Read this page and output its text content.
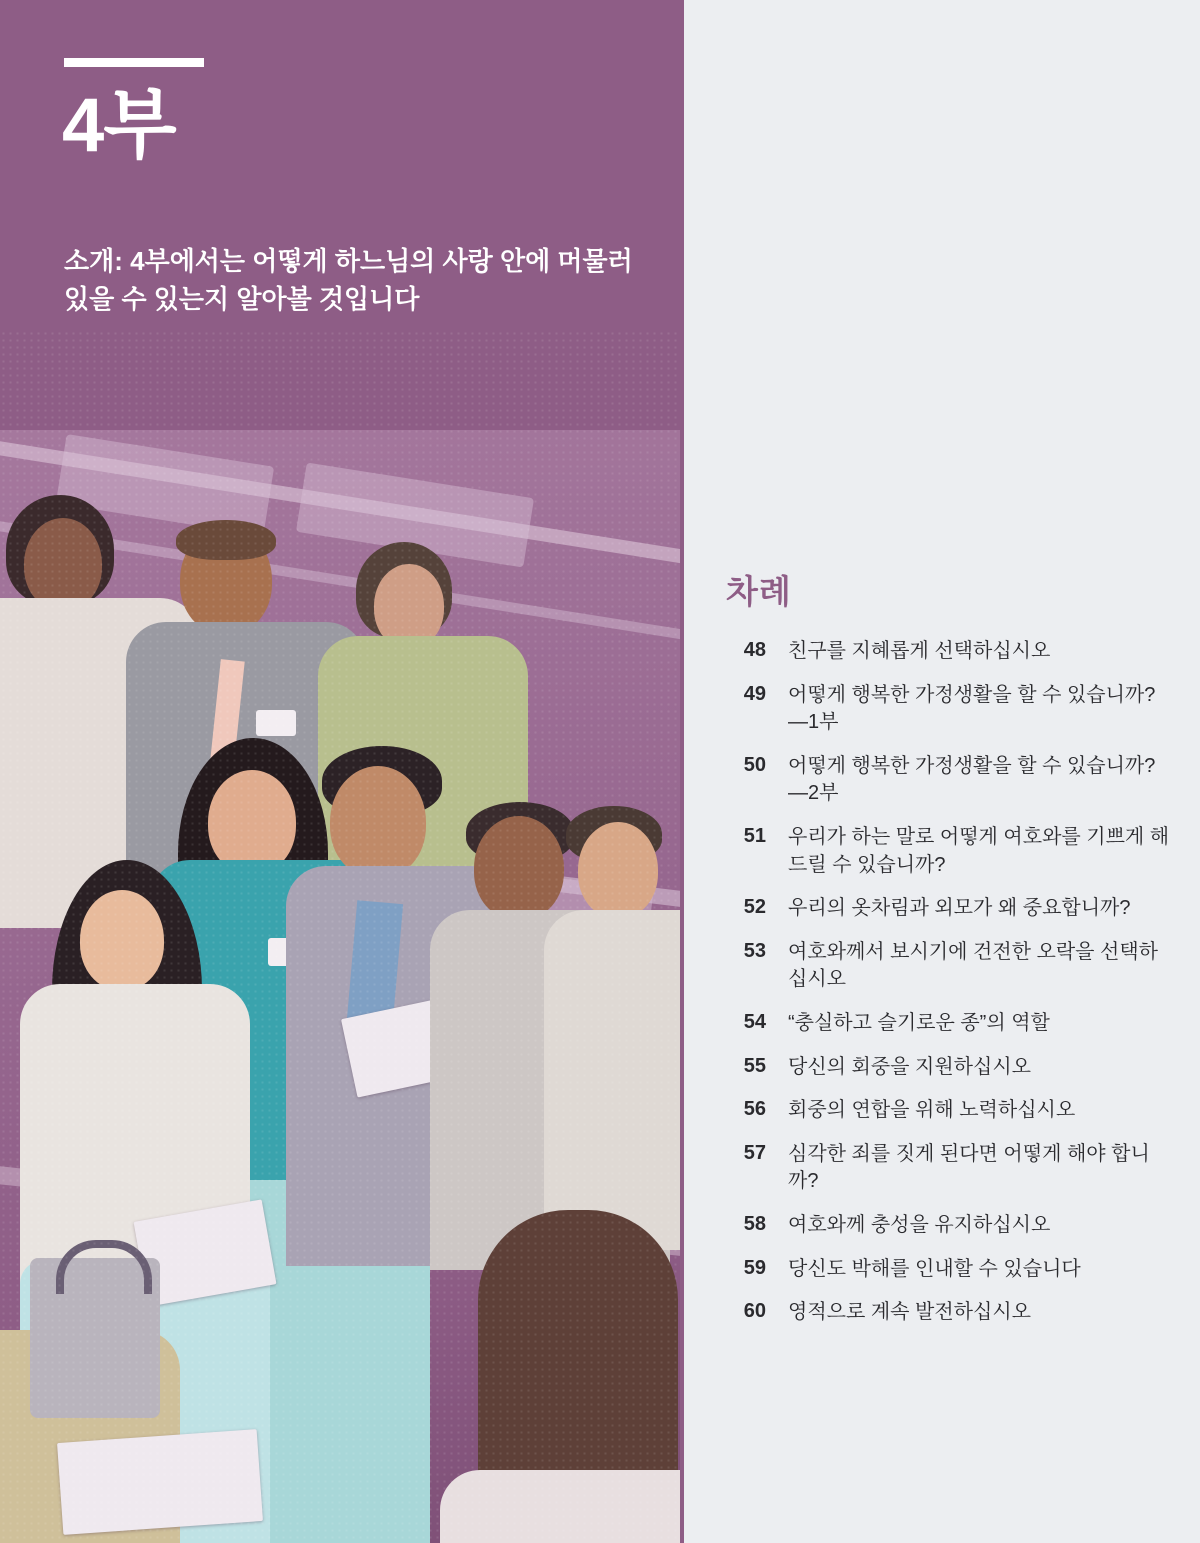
4부
소개: 4부에서는 어떻게 하느님의 사랑 안에 머물러 있을 수 있는지 알아볼 것입니다
차례
48 친구를 지혜롭게 선택하십시오
49 어떻게 행복한 가정생활을 할 수 있습니까?—1부
50 어떻게 행복한 가정생활을 할 수 있습니까?—2부
51 우리가 하는 말로 어떻게 여호와를 기쁘게 해 드릴 수 있습니까?
52 우리의 옷차림과 외모가 왜 중요합니까?
53 여호와께서 보시기에 건전한 오락을 선택하십시오
54 “충실하고 슬기로운 종”의 역할
55 당신의 회중을 지원하십시오
56 회중의 연합을 위해 노력하십시오
57 심각한 죄를 짓게 된다면 어떻게 해야 합니까?
58 여호와께 충성을 유지하십시오
59 당신도 박해를 인내할 수 있습니다
60 영적으로 계속 발전하십시오
